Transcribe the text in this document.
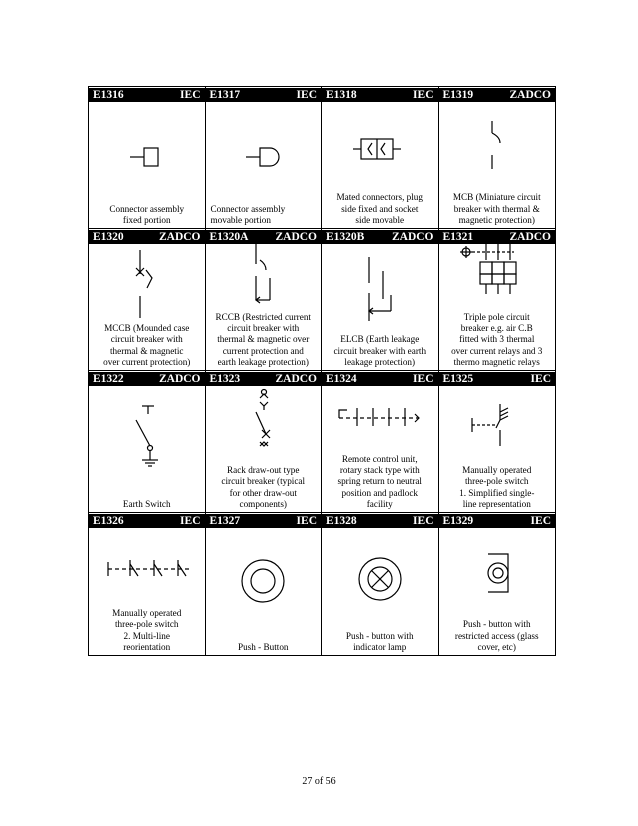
E1316	IEC
Connector assembly
fixed portion
E1317	IEC
Connector assembly
movable portion
E1318	IEC
Mated connectors, plug
side fixed and socket
side movable
E1319	ZADCO
MCB (Miniature circuit
breaker with thermal &
magnetic protection)
E1320	ZADCO
MCCB (Mounded case
circuit breaker with
thermal & magnetic
over current protection)
E1320A ZADCO
RCCB (Restricted current
circuit breaker with
thermal & magnetic over
current protection and
earth leakage protection)
E1320B ZADCO
ELCB (Earth leakage
circuit breaker with earth
leakage protection)
E1321	ZADCO
Triple pole circuit
breaker e.g. air C.B
fitted with 3 thermal
over current relays and 3
thermo magnetic relays
E1322	ZADCO
Earth Switch
E1323	ZADCO
Rack draw-out type
circuit breaker (typical
for other draw-out
components)
E1324	IEC
Remote control unit,
rotary stack type with
spring return to neutral
position and padlock
facility
E1325	IEC
Manually operated
three-pole switch
1. Simplified single-
line representation
E1326	IEC
Manually operated
three-pole switch
2. Multi-line
reorientation
E1327	IEC
Push - Button
E1328	IEC
Push - button with
indicator lamp
E1329	IEC
Push - button with
restricted access (glass
cover, etc)
27 of 56
